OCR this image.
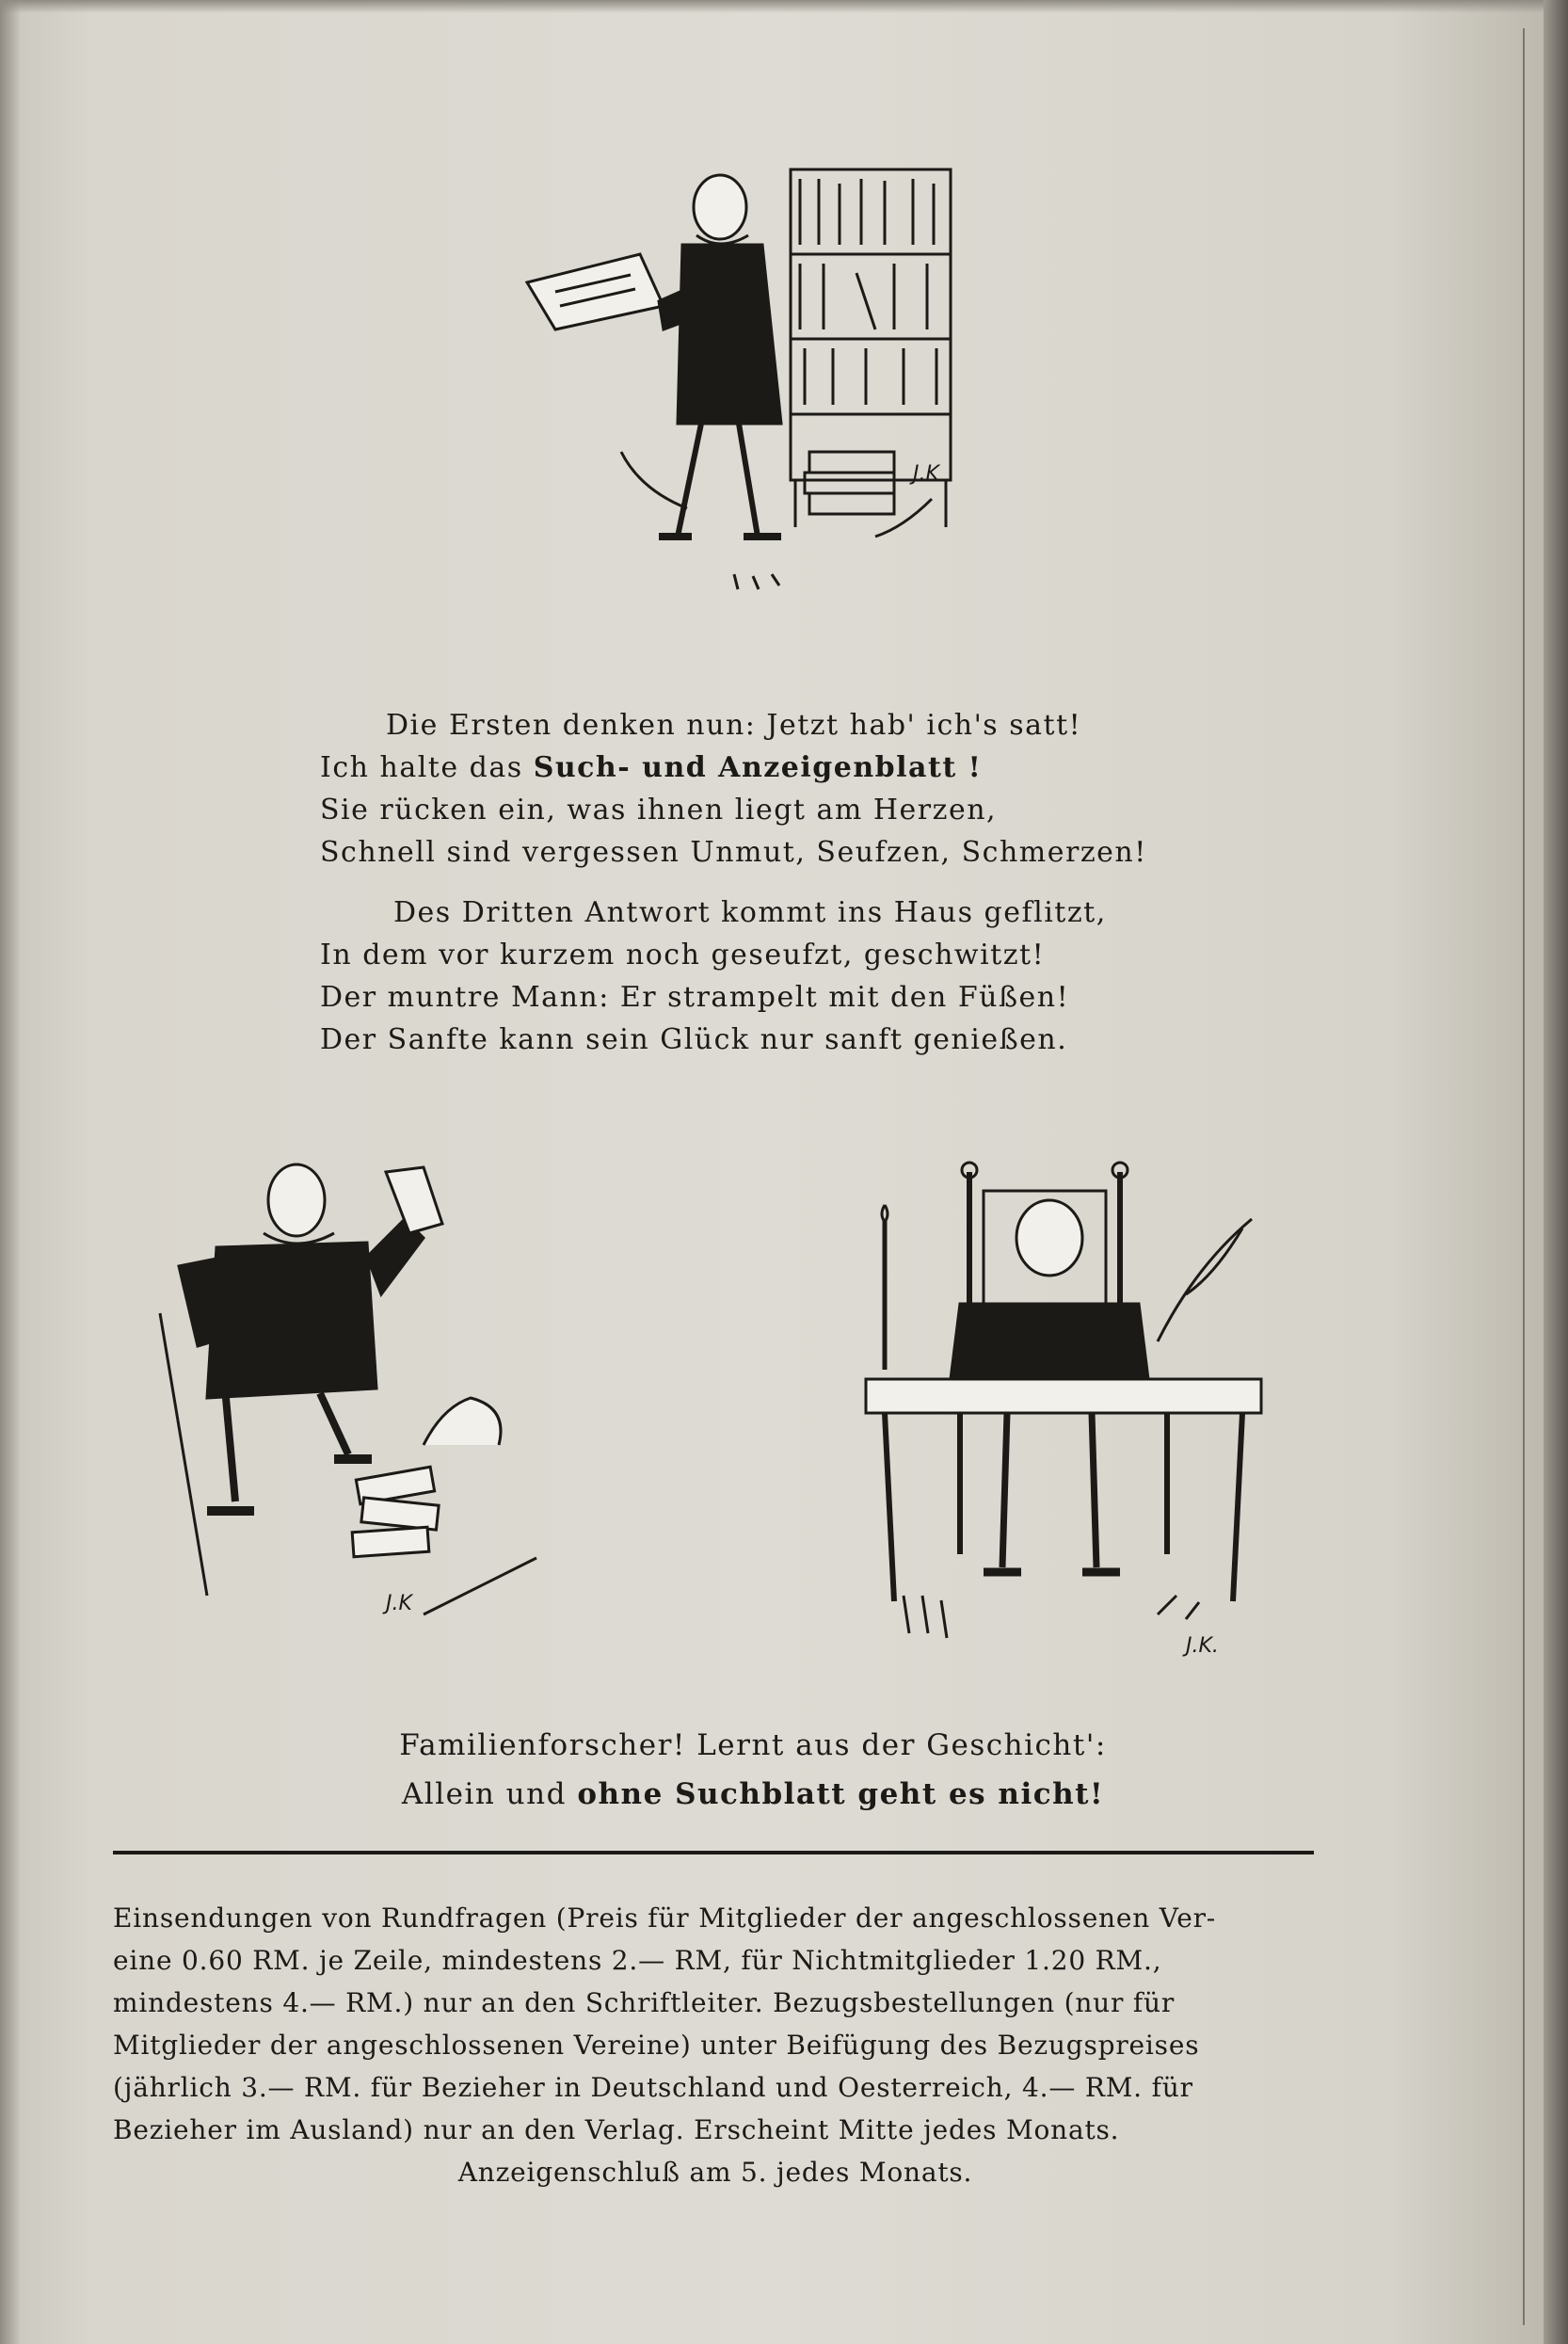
J.K
Die Ersten denken nun: Jetzt hab' ich's satt!
Ich halte das Such- und Anzeigenblatt !
Sie rücken ein, was ihnen liegt am Herzen,
Schnell sind vergessen Unmut, Seufzen, Schmerzen!
Des Dritten Antwort kommt ins Haus geflitzt,
In dem vor kurzem noch geseufzt, geschwitzt!
Der muntre Mann: Er strampelt mit den Füßen!
Der Sanfte kann sein Glück nur sanft genießen.
J.K
J.K.
Familienforscher! Lernt aus der Geschicht':
Allein und ohne Suchblatt geht es nicht!
Einsendungen von Rundfragen (Preis für Mitglieder der angeschlossenen Ver-
eine 0.60 RM. je Zeile, mindestens 2.— RM, für Nichtmitglieder 1.20 RM.,
mindestens 4.— RM.) nur an den Schriftleiter. Bezugsbestellungen (nur für
Mitglieder der angeschlossenen Vereine) unter Beifügung des Bezugspreises
(jährlich 3.— RM. für Bezieher in Deutschland und Oesterreich, 4.— RM. für
Bezieher im Ausland) nur an den Verlag. Erscheint Mitte jedes Monats.
Anzeigenschluß am 5. jedes Monats.
